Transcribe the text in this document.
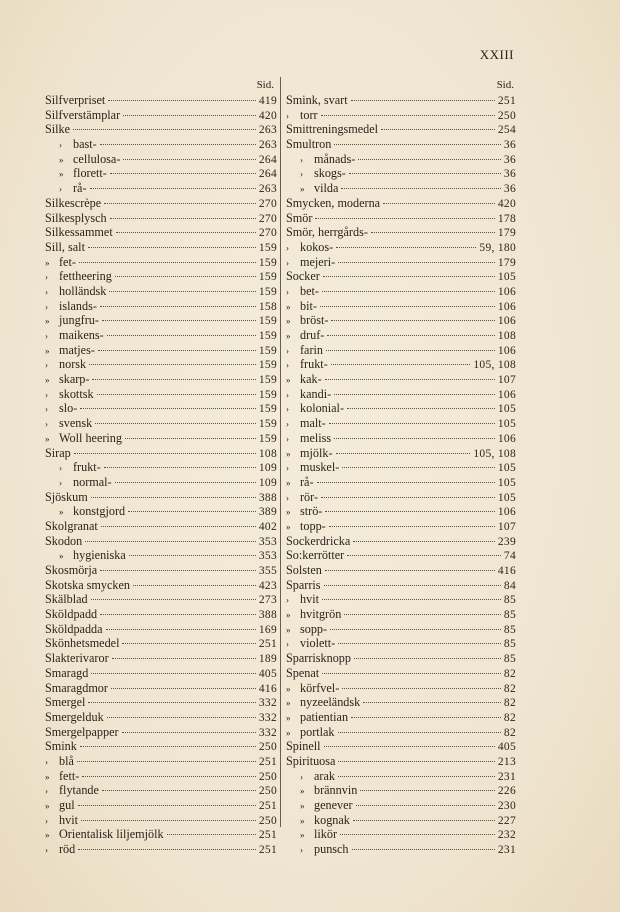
XXIII
Sid.
Silfverpriset	419
Silfverstämplar	420
Silke	263
› bast-	263
» cellulosa-	264
» florett-	264
› rå-	263
Silkescrèpe	270
Silkesplysch	270
Silkessammet	270
Sill, salt	159
» fet-	159
› fettheering	159
› holländsk	159
› islands-	158
» jungfru-	159
› maikens-	159
» matjes-	159
› norsk	159
» skarp-	159
› skottsk	159
› slo-	159
› svensk	159
» Woll heering	159
Sirap	108
› frukt-	109
› normal-	109
Sjöskum	388
» konstgjord	389
Skolgranat	402
Skodon	353
» hygieniska	353
Skosmörja	355
Skotska smycken	423
Skälblad	273
Sköldpadd	388
Sköldpadda	169
Skönhetsmedel	251
Slakterivaror	189
Smaragd	405
Smaragdmor	416
Smergel	332
Smergelduk	332
Smergelpapper	332
Smink	250
› blå	251
» fett-	250
› flytande	250
» gul	251
› hvit	250
» Orientalisk liljemjölk	251
› röd	251
Sid.
Smink, svart	251
› torr	250
Smittreningsmedel	254
Smultron	36
› månads-	36
› skogs-	36
» vilda	36
Smycken, moderna	420
Smör	178
Smör, herrgårds-	179
› kokos-	59, 180
› mejeri-	179
Socker	105
› bet-	106
» bit-	106
» bröst-	106
» druf-	108
› farin	106
› frukt-	105, 108
» kak-	107
› kandi-	106
› kolonial-	105
› malt-	105
› meliss	106
» mjölk-	105, 108
› muskel-	105
» rå-	105
› rör-	105
» strö-	106
» topp-	107
Sockerdricka	239
So:kerrötter	74
Solsten	416
Sparris	84
› hvit	85
» hvitgrön	85
» sopp-	85
› violett-	85
Sparrisknopp	85
Spenat	82
» körfvel-	82
» nyzeeländsk	82
» patientian	82
» portlak	82
Spinell	405
Spirituosa	213
› arak	231
» brännvin	226
» genever	230
» kognak	227
» likör	232
› punsch	231
